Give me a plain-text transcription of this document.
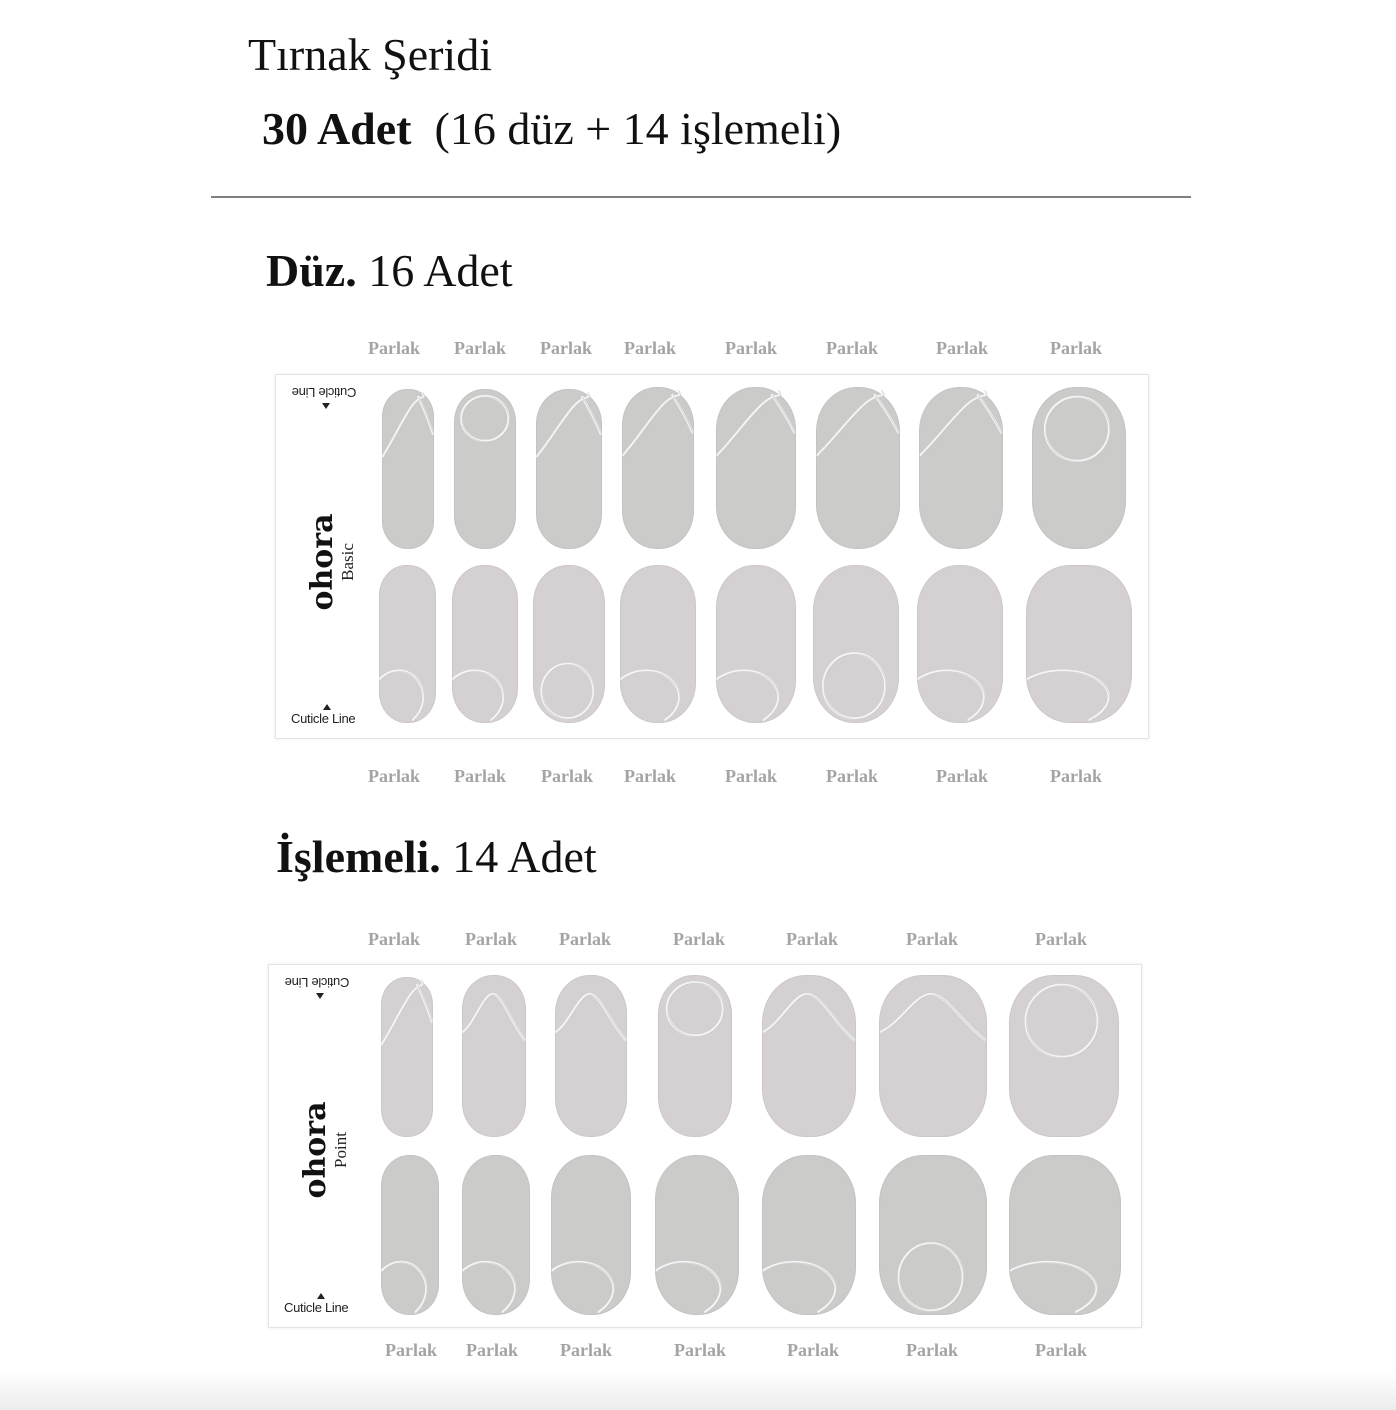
Tırnak Şeridi
30 Adet (16 düz + 14 işlemeli)
Düz. 16 Adet
Parlak Parlak Parlak Parlak	Parlak	Parlak	Parlak	Parlak
Cuticle Line
ohora
Basic
Cuticle Line
Parlak Parlak Parlak Parlak	Parlak	Parlak	Parlak	Parlak
İşlemeli. 14 Adet
Parlak	Parlak Parlak	Parlak	Parlak	Parlak	Parlak
Cuticle Line
ohora
Point
Cuticle Line
Parlak Parlak Parlak	Parlak	Parlak	Parlak	Parlak
